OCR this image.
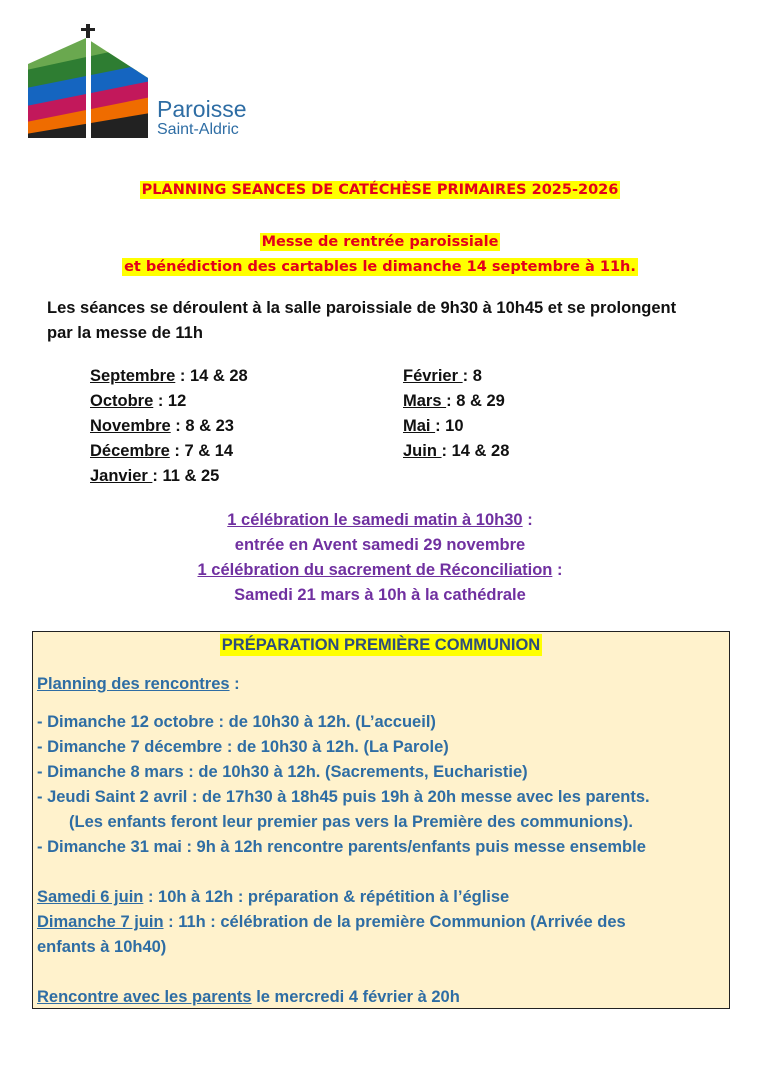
Paroisse
Saint-Aldric
PLANNING SEANCES DE CATÉCHÈSE PRIMAIRES 2025-2026
Messe de rentrée paroissiale
et bénédiction des cartables le dimanche 14 septembre à 11h.
Les séances se déroulent à la salle paroissiale de 9h30 à 10h45 et se prolongent
par la messe de 11h
Septembre : 14 & 28
Octobre : 12
Novembre : 8 & 23
Décembre : 7 & 14
Janvier : 11 & 25
Février : 8
Mars : 8 & 29
Mai : 10
Juin : 14 & 28
1 célébration le samedi matin à 10h30 :
entrée en Avent samedi 29 novembre
1 célébration du sacrement de Réconciliation :
Samedi 21 mars à 10h à la cathédrale
PRÉPARATION PREMIÈRE COMMUNION
Planning des rencontres :
- Dimanche 12 octobre : de 10h30 à 12h. (L’accueil)
- Dimanche 7 décembre : de 10h30 à 12h. (La Parole)
- Dimanche 8 mars : de 10h30 à 12h. (Sacrements, Eucharistie)
- Jeudi Saint 2 avril : de 17h30 à 18h45 puis 19h à 20h messe avec les parents.
(Les enfants feront leur premier pas vers la Première des communions).
- Dimanche 31 mai : 9h à 12h rencontre parents/enfants puis messe ensemble
Samedi 6 juin : 10h à 12h : préparation & répétition à l’église
Dimanche 7 juin : 11h : célébration de la première Communion (Arrivée des
enfants à 10h40)
Rencontre avec les parents le mercredi 4 février à 20h
